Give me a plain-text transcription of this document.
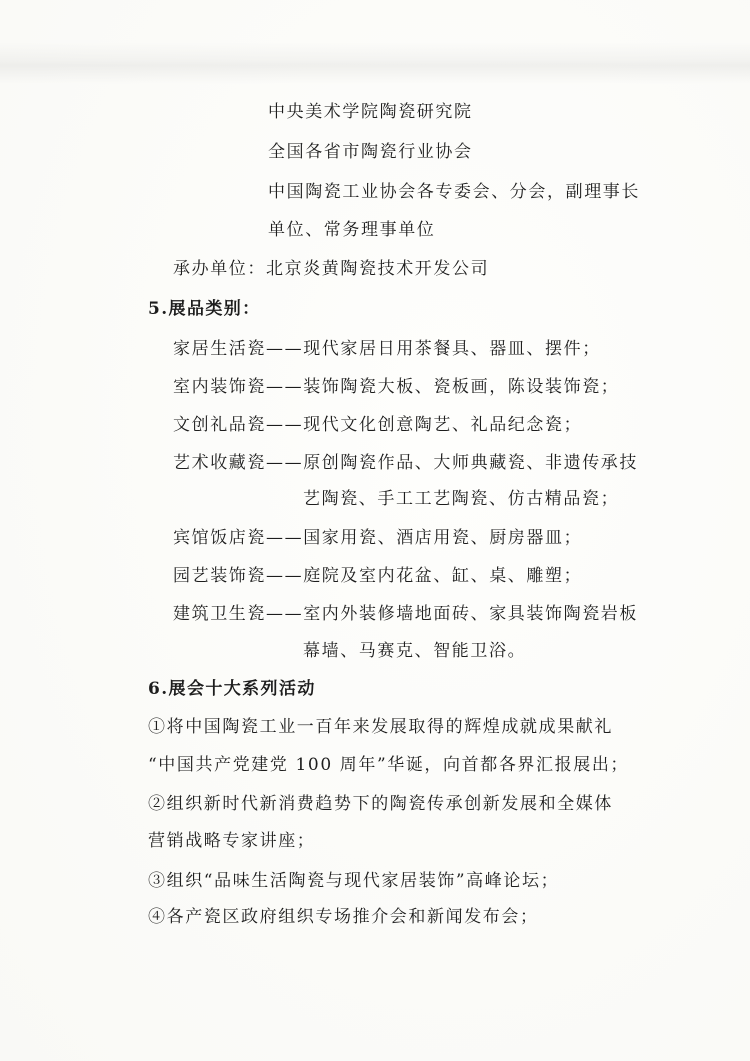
中央美术学院陶瓷研究院
全国各省市陶瓷行业协会
中国陶瓷工业协会各专委会、分会，副理事长
单位、常务理事单位
承办单位：北京炎黄陶瓷技术开发公司
5.展品类别：
家居生活瓷——现代家居日用茶餐具、器皿、摆件；
室内装饰瓷——装饰陶瓷大板、瓷板画，陈设装饰瓷；
文创礼品瓷——现代文化创意陶艺、礼品纪念瓷；
艺术收藏瓷——原创陶瓷作品、大师典藏瓷、非遗传承技
艺陶瓷、手工工艺陶瓷、仿古精品瓷；
宾馆饭店瓷——国家用瓷、酒店用瓷、厨房器皿；
园艺装饰瓷——庭院及室内花盆、缸、桌、雕塑；
建筑卫生瓷——室内外装修墙地面砖、家具装饰陶瓷岩板
幕墙、马赛克、智能卫浴。
6.展会十大系列活动
①将中国陶瓷工业一百年来发展取得的辉煌成就成果献礼
“中国共产党建党 100 周年”华诞，向首都各界汇报展出；
②组织新时代新消费趋势下的陶瓷传承创新发展和全媒体
营销战略专家讲座；
③组织“品味生活陶瓷与现代家居装饰”高峰论坛；
④各产瓷区政府组织专场推介会和新闻发布会；
